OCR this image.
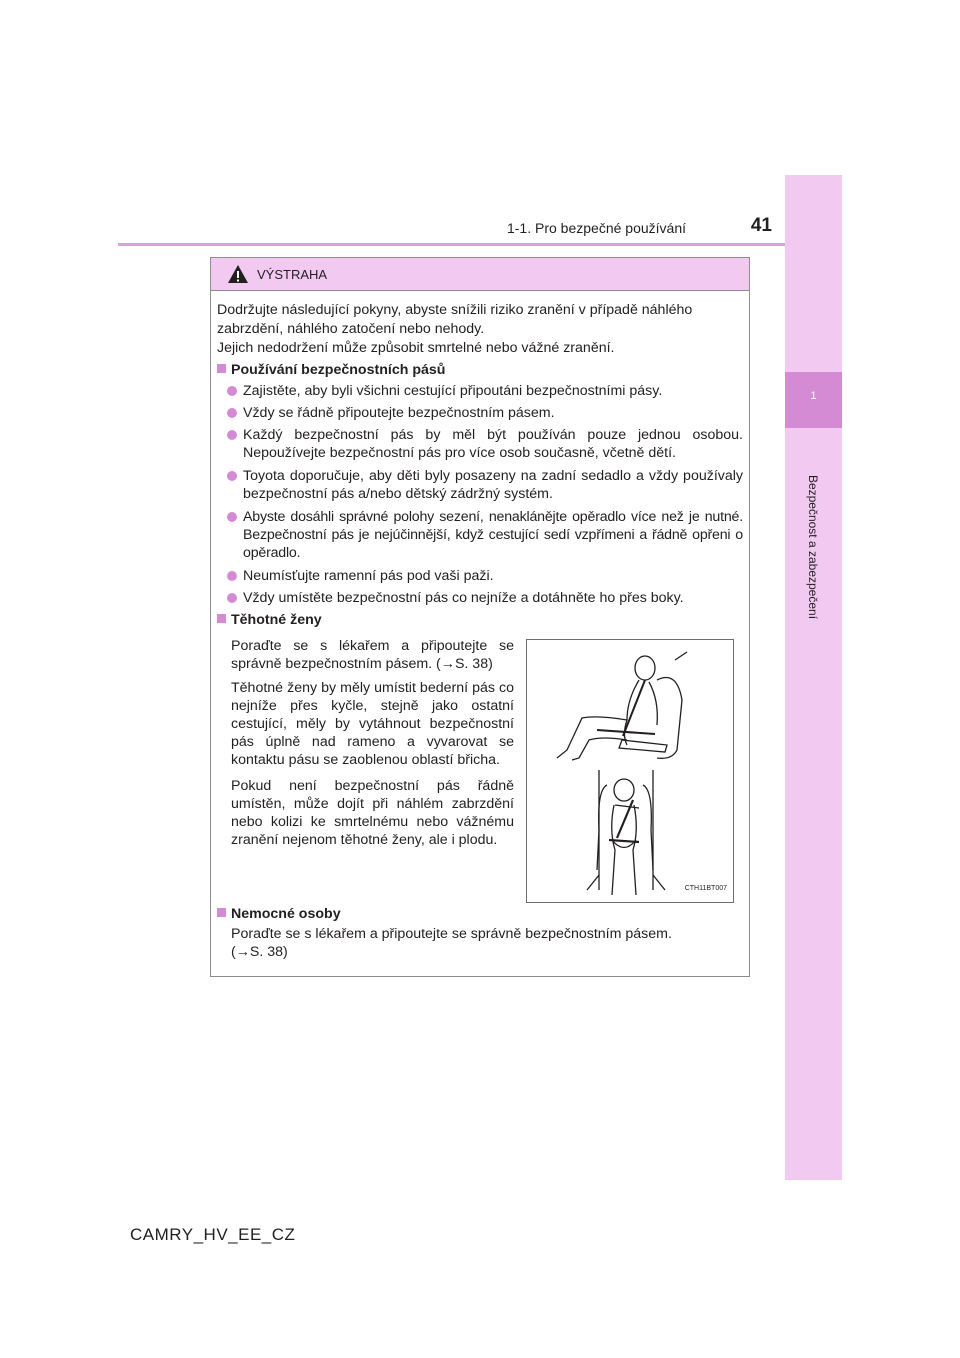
1-1. Pro bezpečné používání	41
1
Bezpečnost a zabezpečení
VÝSTRAHA
Dodržujte následující pokyny, abyste snížili riziko zranění v případě náhlého
zabrzdění, náhlého zatočení nebo nehody.
Jejich nedodržení může způsobit smrtelné nebo vážné zranění.
Používání bezpečnostních pásů
Zajistěte, aby byli všichni cestující připoutáni bezpečnostními pásy.
Vždy se řádně připoutejte bezpečnostním pásem.
Každý bezpečnostní pás by měl být používán pouze jednou osobou. Nepoužívejte bezpečnostní pás pro více osob současně, včetně dětí.
Toyota doporučuje, aby děti byly posazeny na zadní sedadlo a vždy používaly bezpečnostní pás a/nebo dětský zádržný systém.
Abyste dosáhli správné polohy sezení, nenaklánějte opěradlo více než je nutné. Bezpečnostní pás je nejúčinnější, když cestující sedí vzpřímeni a řádně opřeni o opěradlo.
Neumísťujte ramenní pás pod vaši paži.
Vždy umístěte bezpečnostní pás co nejníže a dotáhněte ho přes boky.
Těhotné ženy
Poraďte se s lékařem a připoutejte se správně bezpečnostním pásem. (→S. 38)
Těhotné ženy by měly umístit bederní pás co nejníže přes kyčle, stejně jako ostatní cestující, měly by vytáhnout bezpečnostní pás úplně nad rameno a vyvarovat se kontaktu pásu se zaoblenou oblastí břicha.
Pokud není bezpečnostní pás řádně umístěn, může dojít při náhlém zabrzdění nebo kolizi ke smrtelnému nebo vážnému zranění nejenom těhotné ženy, ale i plodu.
CTH11BT007
Nemocné osoby
Poraďte se s lékařem a připoutejte se správně bezpečnostním pásem.
(→S. 38)
CAMRY_HV_EE_CZ
